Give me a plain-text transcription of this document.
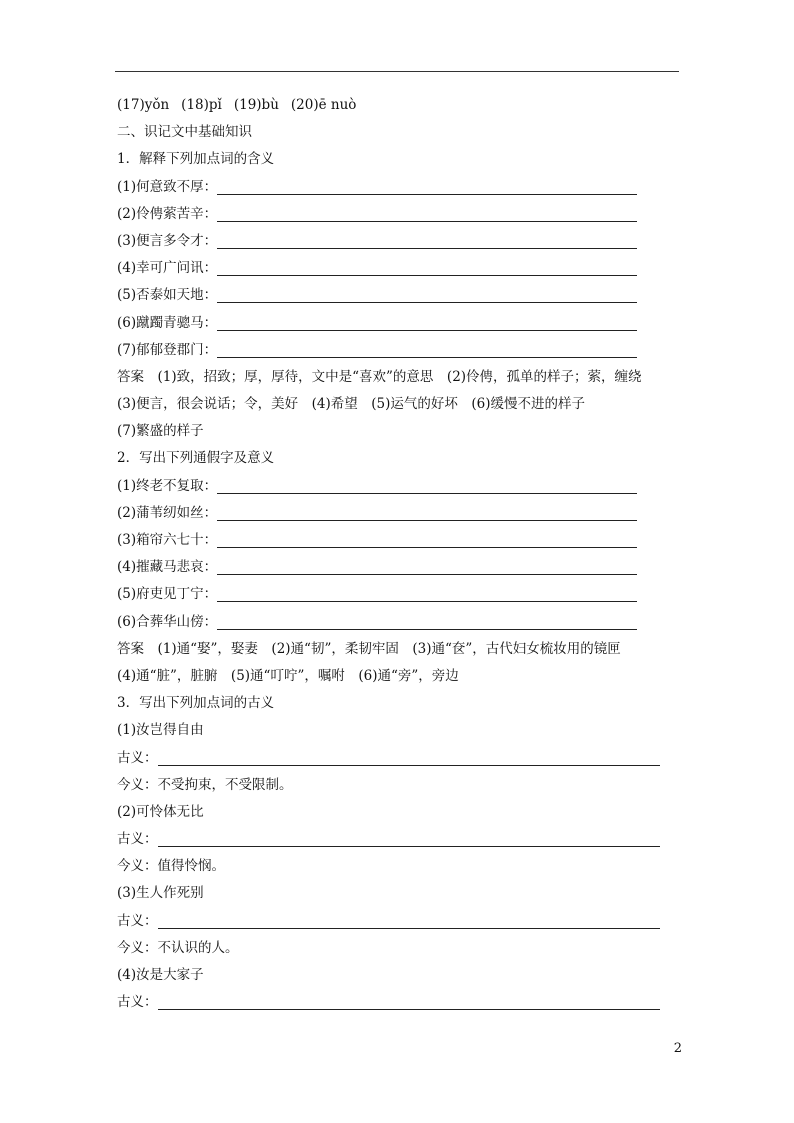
(17)yǒn (18)pǐ (19)bù (20)ē nuò
二、识记文中基础知识
1．解释下列加点词的含义
(1)何意致不厚：
(2)伶俜萦苦辛：
(3)便言多令才：
(4)幸可广问讯：
(5)否泰如天地：
(6)蹴躅青骢马：
(7)郁郁登郡门：
答案　(1)致，招致；厚，厚待，文中是“喜欢”的意思　(2)伶俜，孤单的样子；萦，缠绕
(3)便言，很会说话；令，美好　(4)希望　(5)运气的好坏　(6)缓慢不进的样子
(7)繁盛的样子
2．写出下列通假字及意义
(1)终老不复取：
(2)蒲苇纫如丝：
(3)箱帘六七十：
(4)摧藏马悲哀：
(5)府吏见丁宁：
(6)合葬华山傍：
答案　(1)通“娶”，娶妻　(2)通“韧”，柔韧牢固　(3)通“奁”，古代妇女梳妆用的镜匣
(4)通“脏”，脏腑　(5)通“叮咛”，嘱咐　(6)通“旁”，旁边
3．写出下列加点词的古义
(1)汝岂得自由
古义：
今义：不受拘束，不受限制。
(2)可怜体无比
古义：
今义：值得怜悯。
(3)生人作死别
古义：
今义：不认识的人。
(4)汝是大家子
古义：
2
